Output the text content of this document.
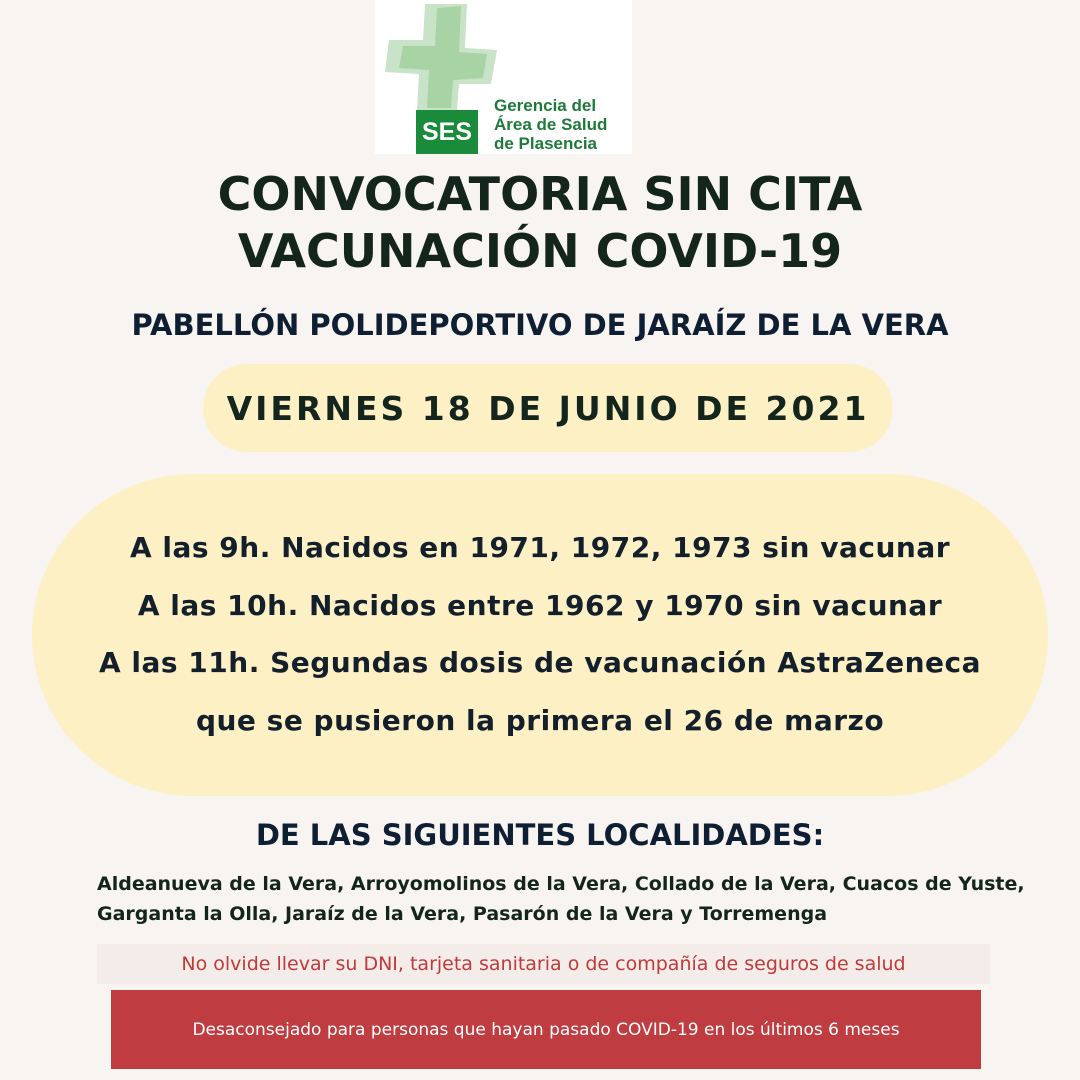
SES
Gerencia del
Área de Salud
de Plasencia
CONVOCATORIA SIN CITA
VACUNACIÓN COVID-19
PABELLÓN POLIDEPORTIVO DE JARAÍZ DE LA VERA
VIERNES 18 DE JUNIO DE 2021
A las 9h. Nacidos en 1971, 1972, 1973 sin vacunar
A las 10h. Nacidos entre 1962 y 1970 sin vacunar
A las 11h. Segundas dosis de vacunación AstraZeneca
que se pusieron la primera el 26 de marzo
DE LAS SIGUIENTES LOCALIDADES:
Aldeanueva de la Vera, Arroyomolinos de la Vera, Collado de la Vera, Cuacos de Yuste, Garganta la Olla, Jaraíz de la Vera, Pasarón de la Vera y Torremenga
No olvide llevar su DNI, tarjeta sanitaria o de compañía de seguros de salud
Desaconsejado para personas que hayan pasado COVID-19 en los últimos 6 meses
